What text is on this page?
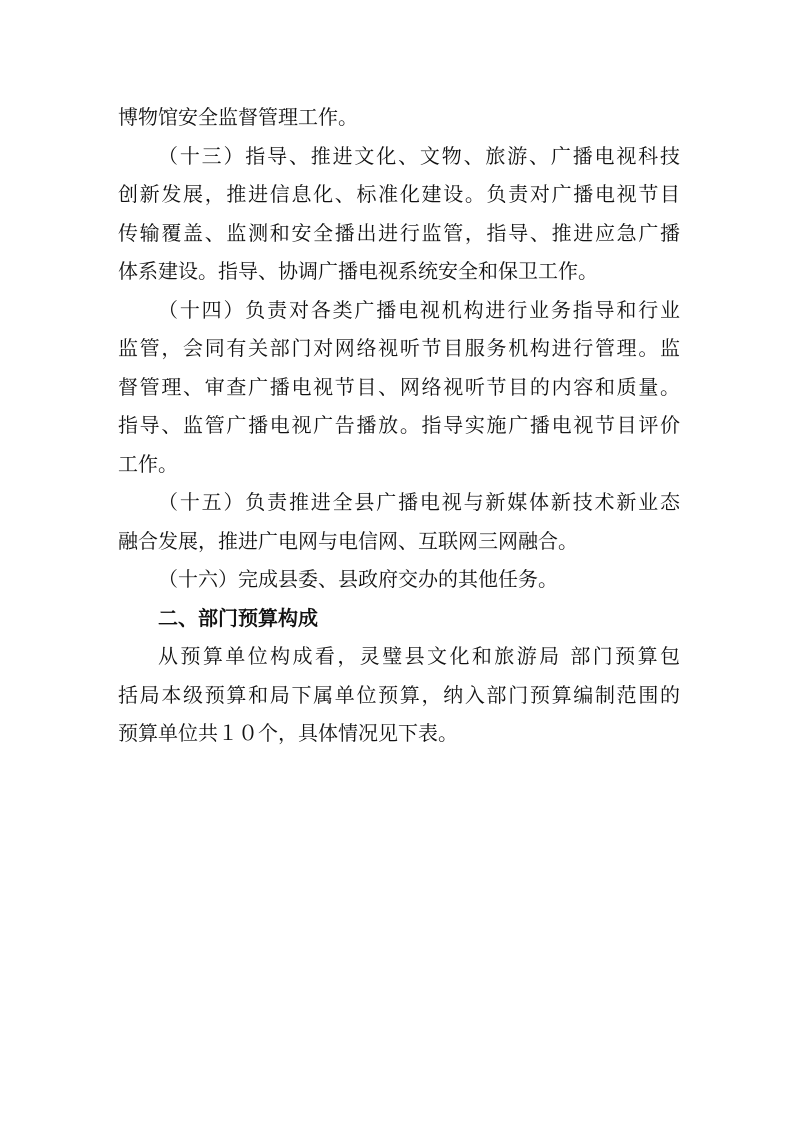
博物馆安全监督管理工作。
（十三）指导、推进文化、文物、旅游、广播电视科技
创新发展，推进信息化、标准化建设。负责对广播电视节目
传输覆盖、监测和安全播出进行监管，指导、推进应急广播
体系建设。指导、协调广播电视系统安全和保卫工作。
（十四）负责对各类广播电视机构进行业务指导和行业
监管，会同有关部门对网络视听节目服务机构进行管理。监
督管理、审查广播电视节目、网络视听节目的内容和质量。
指导、监管广播电视广告播放。指导实施广播电视节目评价
工作。
（十五）负责推进全县广播电视与新媒体新技术新业态
融合发展，推进广电网与电信网、互联网三网融合。
（十六）完成县委、县政府交办的其他任务。
二、部门预算构成
从预算单位构成看，灵璧县文化和旅游局 部门预算包
括局本级预算和局下属单位预算，纳入部门预算编制范围的
预算单位共１０个，具体情况见下表。
